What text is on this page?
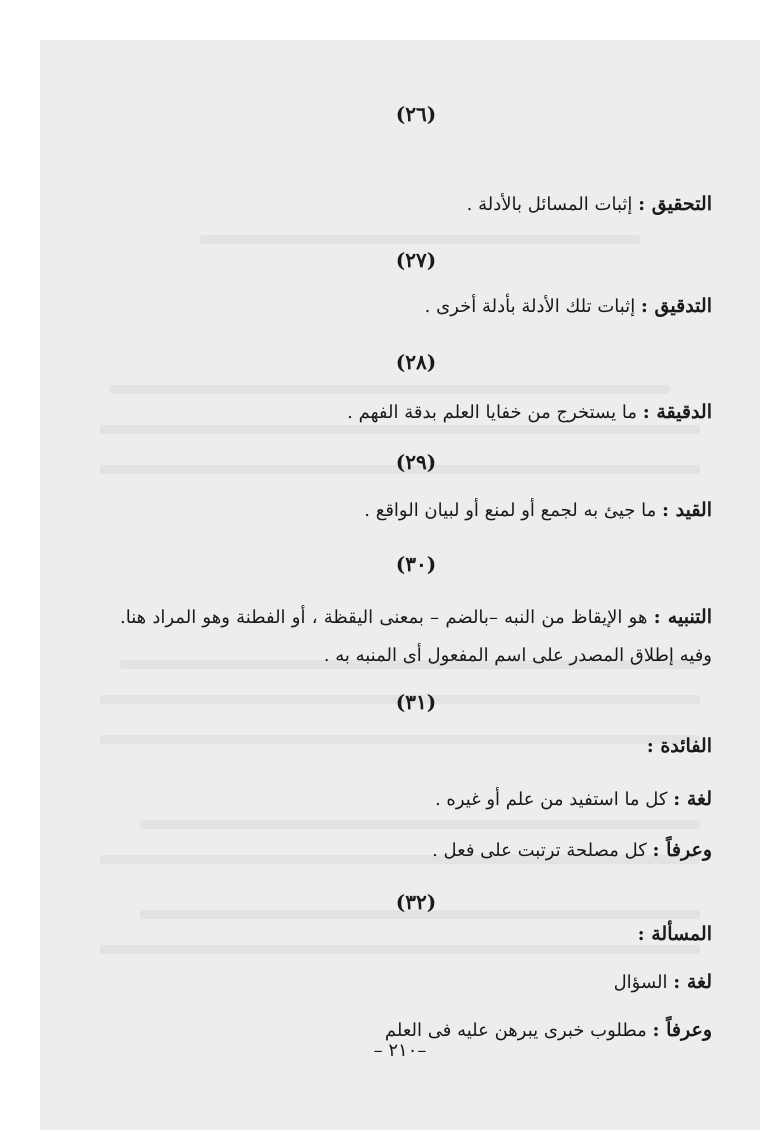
(٢٦)
التحقيق : إثبات المسائل بالأدلة .
(٢٧)
التدقيق : إثبات تلك الأدلة بأدلة أخرى .
(٢٨)
الدقيقة : ما يستخرج من خفايا العلم بدقة الفهم .
(٢٩)
القيد : ما جيئ به لجمع أو لمنع أو لبيان الواقع .
(٣٠)
التنبيه : هو الإيقاظ من النبه –بالضم – بمعنى اليقظة ، أو الفطنة وهو المراد هنا. وفيه إطلاق المصدر على اسم المفعول أى المنبه به .
(٣١)
الفائدة :
لغة : كل ما استفيد من علم أو غيره .
وعرفاً : كل مصلحة ترتبت على فعل .
(٣٢)
المسألة :
لغة : السؤال
وعرفاً : مطلوب خبرى يبرهن عليه فى العلم
–٢١٠ –
